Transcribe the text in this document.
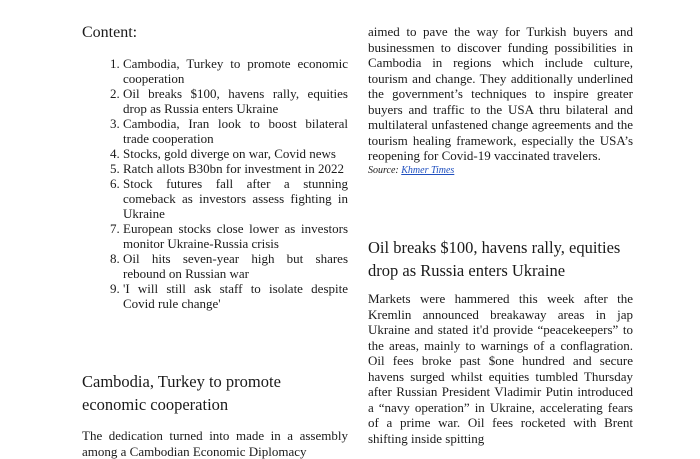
Content:
1. Cambodia, Turkey to promote economic cooperation
2. Oil breaks $100, havens rally, equities drop as Russia enters Ukraine
3. Cambodia, Iran look to boost bilateral trade cooperation
4. Stocks, gold diverge on war, Covid news
5. Ratch allots B30bn for investment in 2022
6. Stock futures fall after a stunning comeback as investors assess fighting in Ukraine
7. European stocks close lower as investors monitor Ukraine-Russia crisis
8. Oil hits seven-year high but shares rebound on Russian war
9. 'I will still ask staff to isolate despite Covid rule change'
Cambodia, Turkey to promote economic cooperation

The dedication turned into made in a assembly among a Cambodian Economic Diplomacy

aimed to pave the way for Turkish buyers and businessmen to discover funding possibilities in Cambodia in regions which include culture, tourism and change. They additionally underlined the government’s techniques to inspire greater buyers and traffic to the USA thru bilateral and multilateral unfastened change agreements and the tourism healing framework, especially the USA’s reopening for Covid-19 vaccinated travelers.

Source: Khmer Times

Oil breaks $100, havens rally, equities drop as Russia enters Ukraine

Markets were hammered this week after the Kremlin announced breakaway areas in jap Ukraine and stated it'd provide “peacekeepers” to the areas, mainly to warnings of a conflagration. Oil fees broke past $one hundred and secure havens surged whilst equities tumbled Thursday after Russian President Vladimir Putin introduced a “navy operation” in Ukraine, accelerating fears of a prime war. Oil fees rocketed with Brent shifting inside spitting
